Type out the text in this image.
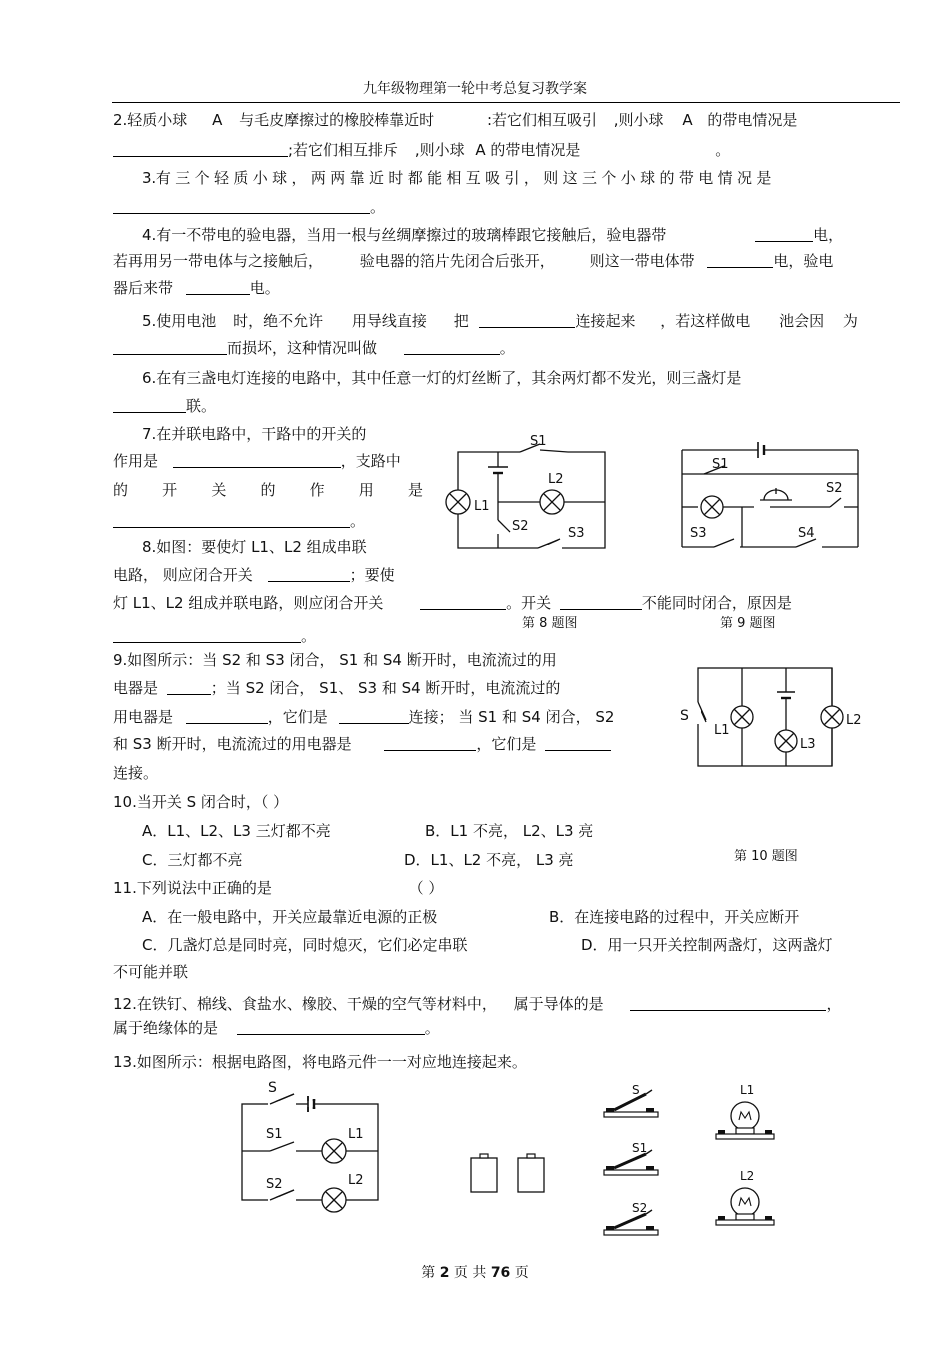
九年级物理第一轮中考总复习教学案
2.轻质小球 A 与毛皮摩擦过的橡胶棒靠近时	:若它们相互吸引 ,则小球 A 的带电情况是
;若它们相互排斥 ,则小球 A 的带电情况是	。
3.有 三 个 轻 质 小 球 ， 两 两 靠 近 时 都 能 相 互 吸 引 ， 则 这 三 个 小 球 的 带 电 情 况 是
。
4.有一不带电的验电器，当用一根与丝绸摩擦过的玻璃棒跟它接触后，验电器带	电，
若再用另一带电体与之接触后， 验电器的箔片先闭合后张开， 则这一带电体带	电，验电
器后来带	电。
5.使用电池 时，绝不允许 用导线直接 把	连接起来 ，若这样做电 池会因 为
而损坏，这种情况叫做	。
6.在有三盏电灯连接的电路中，其中任意一灯的灯丝断了，其余两灯都不发光，则三盏灯是
联。
7.在并联电路中，干路中的开关的
作用是	，支路中
的 开 关 的 作 用 是
。
8.如图：要使灯 L1、L2 组成串联
电路， 则应闭合开关	；要使
灯 L1、L2 组成并联电路，则应闭合开关	。开关	不能同时闭合，原因是
。
第 8 题图	第 9 题图
9.如图所示：当 S2 和 S3 闭合， S1 和 S4 断开时，电流流过的用
电器是	；当 S2 闭合， S1、 S3 和 S4 断开时，电流流过的
用电器是	，它们是	连接； 当 S1 和 S4 闭合， S2
和 S3 断开时，电流流过的用电器是	，它们是
连接。
10.当开关 S 闭合时，（ ）
A．L1、L2、L3 三灯都不亮	B．L1 不亮， L2、L3 亮
C．三灯都不亮	D．L1、L2 不亮， L3 亮	第 10 题图
11.下列说法中正确的是	（ ）
A．在一般电路中，开关应最靠近电源的正极	B．在连接电路的过程中，开关应断开
C．几盏灯总是同时亮，同时熄灭，它们必定串联	D．用一只开关控制两盏灯，这两盏灯
不可能并联
12.在铁钉、棉线、食盐水、橡胶、干燥的空气等材料中， 属于导体的是	，
属于绝缘体的是	。
13.如图所示：根据电路图，将电路元件一一对应地连接起来。
S1
L2
L1
S2	S3
S1
S2
S3	S4
S
L1
L3
L2
S
S1	L1
S2	L2
S
S1
S2
L1
L2
第 2 页 共 76 页
